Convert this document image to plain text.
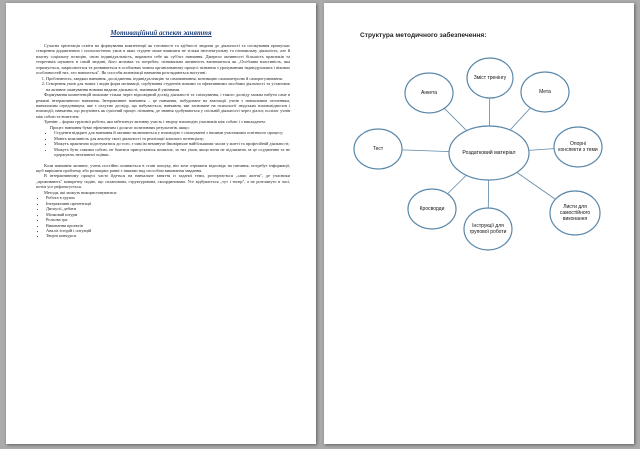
Мотиваційний аспект заняття

Сучасна орієнтація освіти на формування компетенції як готовності та здібності людини до діяльності та спілкування припускає створення дидактичних і психологічних умов в яких студент може виявляти не тільки інтелектуальну та пізнавальну діяльність, але й власну соціальну позицію, свою індивідуальність, виразити себе як суб'єкт навчання. Джерело активності більшість практиків та теоретиків шукають в самій людині, його мотивах та потребах; пізнавальна активність визначається як „Особлива властивість, яка отримується, закріплюється та розвивається в особливих чином організованому процесі пізнання з урахуванням індивідуальних і вікових особливостей тих, хто навчається". Як способи активізації навчання розглядаються наступні:

1. Проблемність, завдяки навчання, дослідження, індивідуалізацію та самонавчання, мотивацію самоконтролю й саморегулювання.
2. Створення умов для нових і видів форм мотивації, сорбування студентів новими та ефективними засобами діяльності та установок на активне опанування новими видами діяльності, знаннями й уміннями.

Формування компетенцій можливе тільки через відповідний досвід діяльності та спілкування, і такого досвіду можна набути саме в режимі інтерактивного навчання. Інтерактивне навчання – це навчання, побудоване на взаємодії учнів з навчальним оточенням, навчальним середовищем, яке є галуззю досвіду, що набувається; навчання, яке засноване на психології людських взаємовідносин і взаємодії; навчання, що розуміють як сукісний процес пізнання, де знання здобуваються у спільній діяльності через діалог, полілог учнів між собою та вчителем.

Тренінг – форма групової роботи, яка забезпечує активну участь і творчу взаємодію учасників між собою і з викладачем.

Процес навчання буває ефективним і досягає позитивних результатів, якщо:

• Студенти відкриті для навчання й активно включаються у взаємодію з спілкуванні з іншими учасниками освітнього процесу;
• Мають можливість для аналізу своєї діяльності та реалізації власного потенціалу;
• Можуть практично підготуватися до того, з чим їм неминуче ймовірніше найбільшими часом у житті та професійній діяльності;
• Можуть бути самими собою, не боятися припускатися помилок, за тих умов, якщо вони не підлягають за це осудженню та не одержують негативної оцінки.

Коли навчання активне, учень постійно опиняється в стані пошуку, він хоче отримати відповідь на питання, потребує інформації, щоб вирішити проблему, або розширює ранні з іншими над способом виконання завдання.

В інтерактивному процесі часто йдеться на навчальне заняття із заданої теми, розгортається „само життя", де учасники „проживають" конкретну подію, що спланована, структурована, скоординована. Усе відбувається „тут і тепер", а не розглянуто в часі, потім усе рефлексується.

Методи, які можуть використовуватися:

• Робота в групах
• Інтерактивні презентації
• Дискусії, дебати
• Мозковий штурм
• Рольова гра
• Виконання проектів
• Аналіз історій і ситуацій
• Творчі конкурси.
Структура методичного забезпечення:
Роздатковий матеріал
Зміст тренінгу
Мета
Опорні конспекти з теми
Листи для самостійного виконання
Інструкції для групової роботи
Кросворди
Тест
Анкета
